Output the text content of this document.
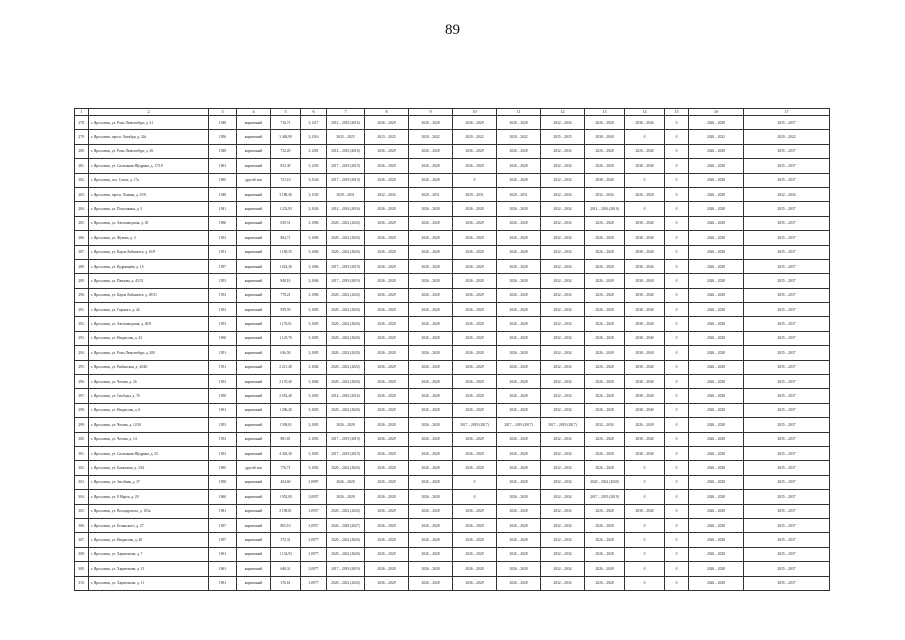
89
1	2	3	4	5	6	7	8	9	10	11	12	13	14	15	16	17
278.	г. Ярославль, ул. Розы Люксембург, д. 21	1948	кирпичный	716,71	3,1317	2012 – 2016 (2016)	2026 – 2028	2026 – 2028	2026 – 2028	2026 – 2028	2032 – 2034	2026 – 2028	2038 – 2040	0	2026 – 2028	2035 – 2037
279.	г. Ярославль, просп. Октября, д. 32а	1956	кирпичный	3 484,90	3,1316	2023 – 2025	2023 – 2025	2020 – 2022	2020 – 2022	2020 – 2022	2035 – 2035	2038 – 2040	0	0	2020 – 2022	2020 – 2022
280.	г. Ярославль, ул. Розы Люксембург, д. 26	1948	кирпичный	732,20	3,1281	2014 – 2016 (2016)	2026 – 2028	2026 – 2028	2026 – 2028	2026 – 2028	2032 – 2034	2026 – 2028	2026 – 2040	0	2026 – 2028	2035 – 2037
281.	г. Ярославль, ул. Салтыкова-Щедрина, д. 17/18	1961	кирпичный	812,30	3,1250	2017 – 2019 (2019)	2026 – 2028	2026 – 2028	2026 – 2028	2026 – 2028	2032 – 2034	2026 – 2028	2038 – 2040	0	2026 – 2028	2035 – 2037
282.	г. Ярославль, пос. Сокол, д. 17а	1965	другой тип	721,10	3,1146	2017 – 2019 (2019)	2026 – 2028	2026 – 2028	0	2026 – 2028	2032 – 2034	2038 – 2040	0	0	2026 – 2028	2035 – 2037
283.	г. Ярославль, просп. Ленина, д. 35/8	1948	кирпичный	3 188,40	3,1100	2029 – 2031	2032 – 2034	2029 – 2031	2029 – 2031	2029 – 2031	2032 – 2034	2032 – 2034	2026 – 2028	0	2026 – 2028	2032 – 2034
284.	г. Ярославль, ул. Полушкина, д. 5	1941	кирпичный	1 232,93	3,1026	2014 – 2016 (2016)	2026 – 2028	2026 – 2028	2026 – 2028	2026 – 2028	2032 – 2034	2014 – 2016 (2016)	0	0	2026 – 2028	2035 – 2037
285.	г. Ярославль, ул. Автозаводская, д. 45	1960	кирпичный	639,51	3,1006	2020 – 2022 (2020)	2026 – 2028	2026 – 2028	2026 – 2028	2026 – 2028	2032 – 2034	2026 – 2028	2038 – 2040	0	2026 – 2028	2035 – 2037
286.	г. Ярославль, ул. Жукова, д. 3	1953	кирпичный	864,71	3,1006	2020 – 2022 (2020)	2026 – 2028	2026 – 2028	2026 – 2028	2026 – 2028	2032 – 2034	2026 – 2028	2038 – 2040	0	2026 – 2028	2035 – 2037
287.	г. Ярославль, ул. Карла Либкнехта, д. 16/9	1951	кирпичный	1 169,35	3,1006	2020 – 2022 (2020)	2026 – 2028	2026 – 2028	2026 – 2028	2026 – 2028	2032 – 2034	2026 – 2028	2038 – 2040	0	2026 – 2028	2035 – 2037
288.	г. Ярославль, ул. Кудрявцева, д. 16	1957	кирпичный	1 022,30	3,1006	2017 – 2019 (2019)	2026 – 2028	2026 – 2028	2026 – 2028	2026 – 2028	2032 – 2034	2026 – 2028	2038 – 2040	0	2026 – 2028	2035 – 2037
289.	г. Ярославль, ул. Павлова, д. 43/31	1953	кирпичный	848,10	3,1006	2017 – 2019 (2019)	2026 – 2028	2026 – 2028	2026 – 2028	2026 – 2028	2032 – 2034	2026 – 2028	2038 – 2040	0	2026 – 2028	2035 – 2037
290.	г. Ярославль, ул. Карла Либкнехта, д. 49/51	1953	кирпичный	778,21	3,1006	2020 – 2022 (2020)	2026 – 2028	2026 – 2028	2026 – 2028	2026 – 2028	2032 – 2034	2026 – 2028	2038 – 2040	0	2026 – 2028	2035 – 2037
291.	г. Ярославль, ул. Горького, д. 44	1953	кирпичный	959,59	3,1005	2020 – 2022 (2020)	2026 – 2028	2026 – 2028	2026 – 2028	2026 – 2028	2032 – 2034	2026 – 2028	2038 – 2040	0	2026 – 2028	2035 – 2037
292.	г. Ярославль, ул. Автозаводская, д. 49/9	1953	кирпичный	1 176,01	3,1005	2020 – 2022 (2020)	2026 – 2028	2026 – 2028	2026 – 2028	2026 – 2028	2032 – 2034	2026 – 2028	2038 – 2040	0	2026 – 2028	2035 – 2037
293.	г. Ярославль, ул. Некрасова, д. 43	1960	кирпичный	1 125,70	3,1005	2020 – 2022 (2020)	2026 – 2028	2026 – 2028	2026 – 2028	2026 – 2028	2032 – 2034	2026 – 2028	2038 – 2040	0	2026 – 2028	2035 – 2037
294.	г. Ярославль, ул. Розы Люксембург, д. 200	1951	кирпичный	636,50	3,1005	2020 – 2022 (2020)	2026 – 2028	2026 – 2028	2026 – 2028	2026 – 2028	2032 – 2034	2026 – 2028	2038 – 2040	0	2026 – 2028	2035 – 2037
295.	г. Ярославль, ул. Рыбинская, д. 43/40	1951	кирпичный	2 211,40	3,1004	2020 – 2022 (2022)	2026 – 2028	2026 – 2028	2026 – 2028	2026 – 2028	2032 – 2034	2026 – 2028	2038 – 2040	0	2026 – 2028	2035 – 2037
296.	г. Ярославль, ул. Чехова, д. 26	1953	кирпичный	2 170,40	3,1004	2020 – 2022 (2020)	2026 – 2028	2026 – 2028	2026 – 2028	2026 – 2028	2032 – 2034	2026 – 2028	2038 – 2040	0	2026 – 2028	2035 – 2037
297.	г. Ярославль, ул. Свободы, д. 76	1950	кирпичный	2 052,40	3,1003	2014 – 2016 (2016)	2026 – 2028	2026 – 2028	2026 – 2028	2026 – 2028	2032 – 2034	2026 – 2028	2038 – 2040	0	2026 – 2028	2035 – 2037
298.	г. Ярославль, ул. Некрасова, д. 6	1961	кирпичный	1 296,20	3,1003	2020 – 2022 (2020)	2026 – 2028	2026 – 2028	2026 – 2028	2026 – 2028	2032 – 2034	2026 – 2028	2038 – 2040	0	2026 – 2028	2035 – 2037
299.	г. Ярославль, ул. Чехова, д. 12/10	1953	кирпичный	1 509,01	3,1003	2026 – 2028	2026 – 2028	2026 – 2028	2017 – 2019 (2017)	2017 – 2019 (2017)	2017 – 2019 (2017)	2032 – 2034	2026 – 2028	0	2026 – 2028	2035 – 2037
300.	г. Ярославль, ул. Чехова, д. 14	1953	кирпичный	881,81	3,1003	2017 – 2019 (2019)	2026 – 2028	2026 – 2028	2026 – 2028	2026 – 2028	2032 – 2034	2026 – 2028	2038 – 2040	0	2026 – 2028	2035 – 2037
301.	г. Ярославль, ул. Салтыкова-Щедрина, д. 25	1953	кирпичный	4 345,30	3,1003	2017 – 2019 (2019)	2026 – 2028	2026 – 2028	2026 – 2028	2026 – 2028	2032 – 2034	2026 – 2028	2038 – 2040	0	2026 – 2028	2035 – 2037
302.	г. Ярославль, ул. Бахвалова, д. 3/61	1965	другой тип	776,71	3,1002	2020 – 2022 (2020)	2026 – 2028	2026 – 2028	2026 – 2028	2026 – 2028	2032 – 2034	2026 – 2028	0	0	2026 – 2028	2035 – 2037
303.	г. Ярославль, ул. Засобная, д. 37	1958	кирпичный	454,60	3,0997	2026 – 2028	2026 – 2028	2026 – 2028	0	2026 – 2028	2032 – 2034	2020 – 2022 (2020)	0	0	2026 – 2028	2035 – 2037
304.	г. Ярославль, ул. 8 Марта, д. 20	1960	кирпичный	1 952,00	3,0957	2026 – 2028	2026 – 2028	2026 – 2028	0	2026 – 2028	2032 – 2034	2017 – 2019 (2019)	0	0	2026 – 2028	2035 – 2037
305.	г. Ярославль, ул. Володарского, д. 103а	1981	кирпичный	2 198,81	3,0957	2020 – 2022 (2020)	2026 – 2028	2026 – 2028	2026 – 2028	2026 – 2028	2032 – 2034	2026 – 2028	2038 – 2040	0	2026 – 2028	2035 – 2037
306.	г. Ярославль, ул. Белинского, д. 27	1957	кирпичный	865,10	3,0957	2026 – 2028 (2027)	2026 – 2028	2026 – 2028	2026 – 2028	2026 – 2028	2032 – 2034	2026 – 2028	0	0	2026 – 2028	2035 – 2037
307.	г. Ярославль, ул. Некрасова, д. 48	1957	кирпичный	372,31	3,0977	2020 – 2022 (2020)	2026 – 2028	2026 – 2028	2026 – 2028	2026 – 2028	2032 – 2034	2026 – 2028	0	0	2026 – 2028	2035 – 2037
308.	г. Ярославль, ул. Харитонова, д. 7	1961	кирпичный	1 134,93	3,0977	2020 – 2022 (2020)	2026 – 2028	2026 – 2028	2026 – 2028	2026 – 2028	2032 – 2034	2026 – 2028	0	0	2026 – 2028	2035 – 2037
309.	г. Ярославль, ул. Харитонова, д. 13	1961	кирпичный	648,31	3,0977	2017 – 2019 (2019)	2026 – 2028	2026 – 2028	2026 – 2028	2026 – 2028	2032 – 2034	2026 – 2028	0	0	2026 – 2028	2035 – 2037
310.	г. Ярославль, ул. Харитонова, д. 11	1961	кирпичный	376,61	3,0977	2020 – 2022 (2020)	2026 – 2028	2026 – 2028	2026 – 2028	2026 – 2028	2032 – 2034	2026 – 2028	0	0	2026 – 2028	2035 – 2037
